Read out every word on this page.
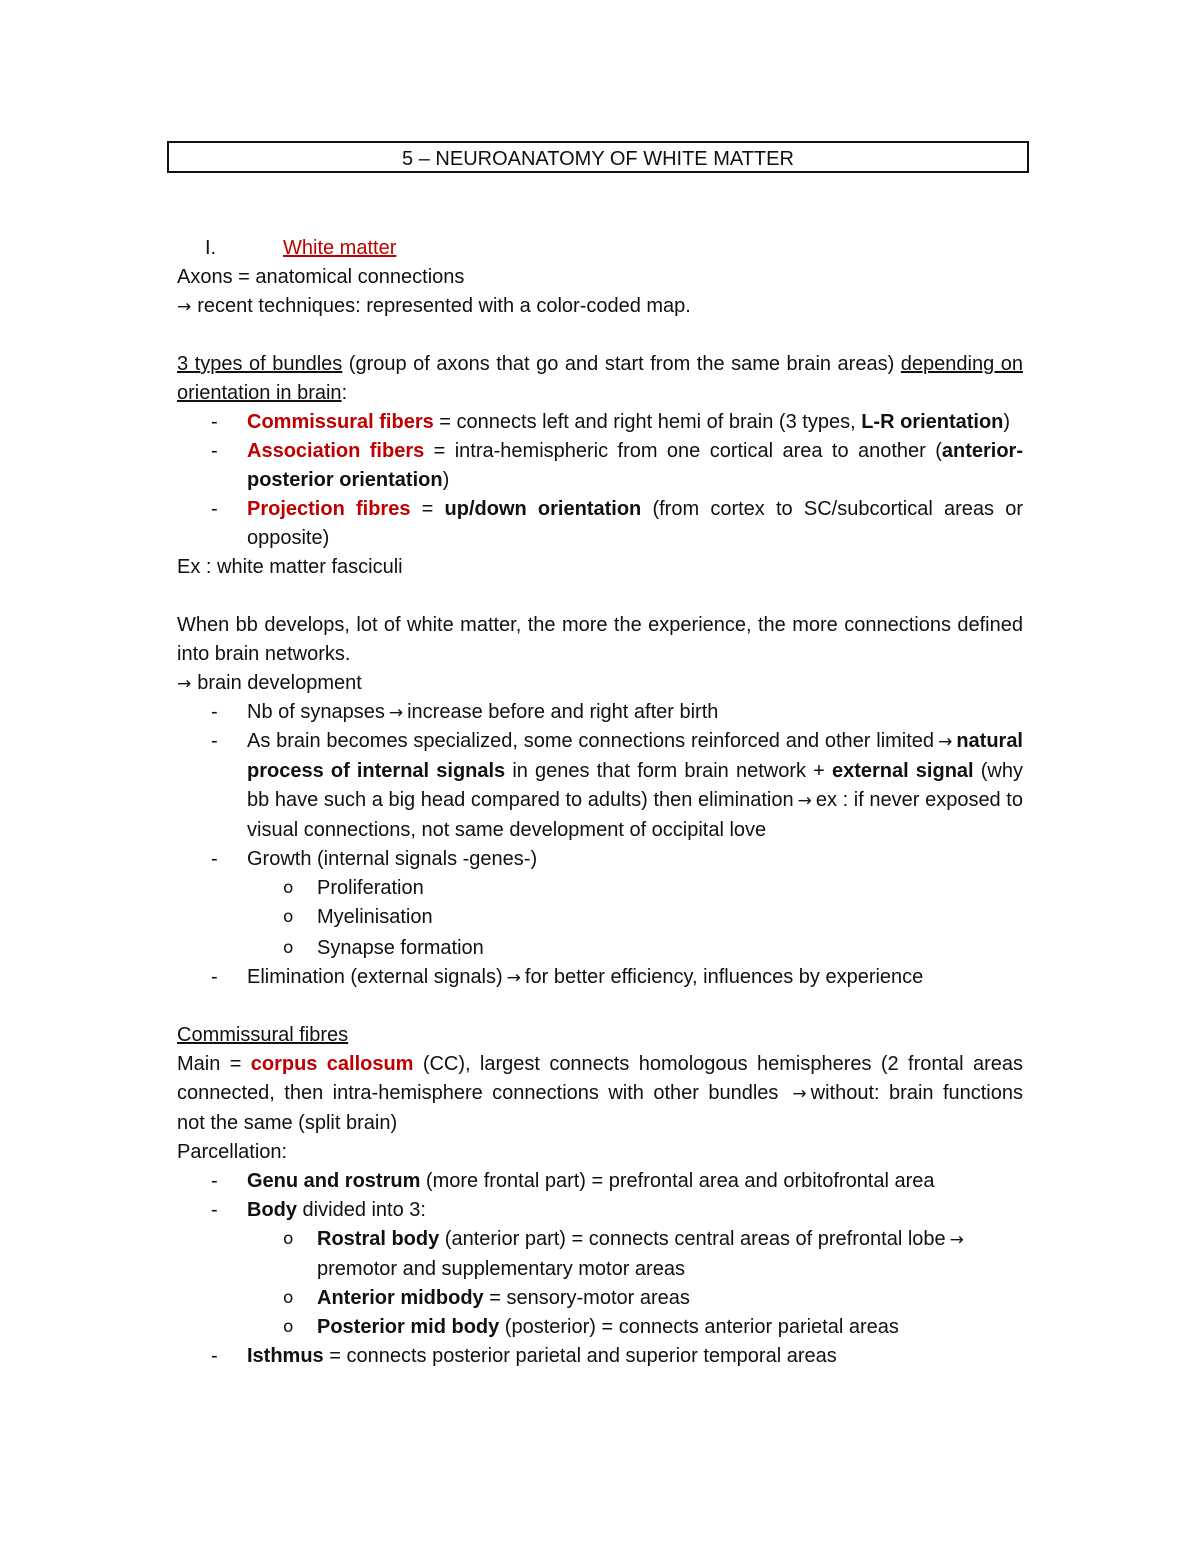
5 – NEUROANATOMY OF WHITE MATTER
I.	White matter
Axons = anatomical connections
→ recent techniques: represented with a color-coded map.
3 types of bundles (group of axons that go and start from the same brain areas) depending on orientation in brain:
-	Commissural fibers = connects left and right hemi of brain (3 types, L-R orientation)
-	Association fibers = intra-hemispheric from one cortical area to another (anterior-posterior orientation)
-	Projection fibres = up/down orientation (from cortex to SC/subcortical areas or opposite)
Ex : white matter fasciculi
When bb develops, lot of white matter, the more the experience, the more connections defined into brain networks.
→ brain development
-	Nb of synapses → increase before and right after birth
-	As brain becomes specialized, some connections reinforced and other limited → natural process of internal signals in genes that form brain network + external signal (why bb have such a big head compared to adults) then elimination → ex : if never exposed to visual connections, not same development of occipital love
-	Growth (internal signals -genes-)
o	Proliferation
o	Myelinisation
o	Synapse formation
-	Elimination (external signals) → for better efficiency, influences by experience
Commissural fibres
Main = corpus callosum (CC), largest connects homologous hemispheres (2 frontal areas connected, then intra-hemisphere connections with other bundles → without: brain functions not the same (split brain)
Parcellation:
-	Genu and rostrum (more frontal part) = prefrontal area and orbitofrontal area
-	Body divided into 3:
o	Rostral body (anterior part) = connects central areas of prefrontal lobe →
premotor and supplementary motor areas
o	Anterior midbody = sensory-motor areas
o	Posterior mid body (posterior) = connects anterior parietal areas
-	Isthmus = connects posterior parietal and superior temporal areas
